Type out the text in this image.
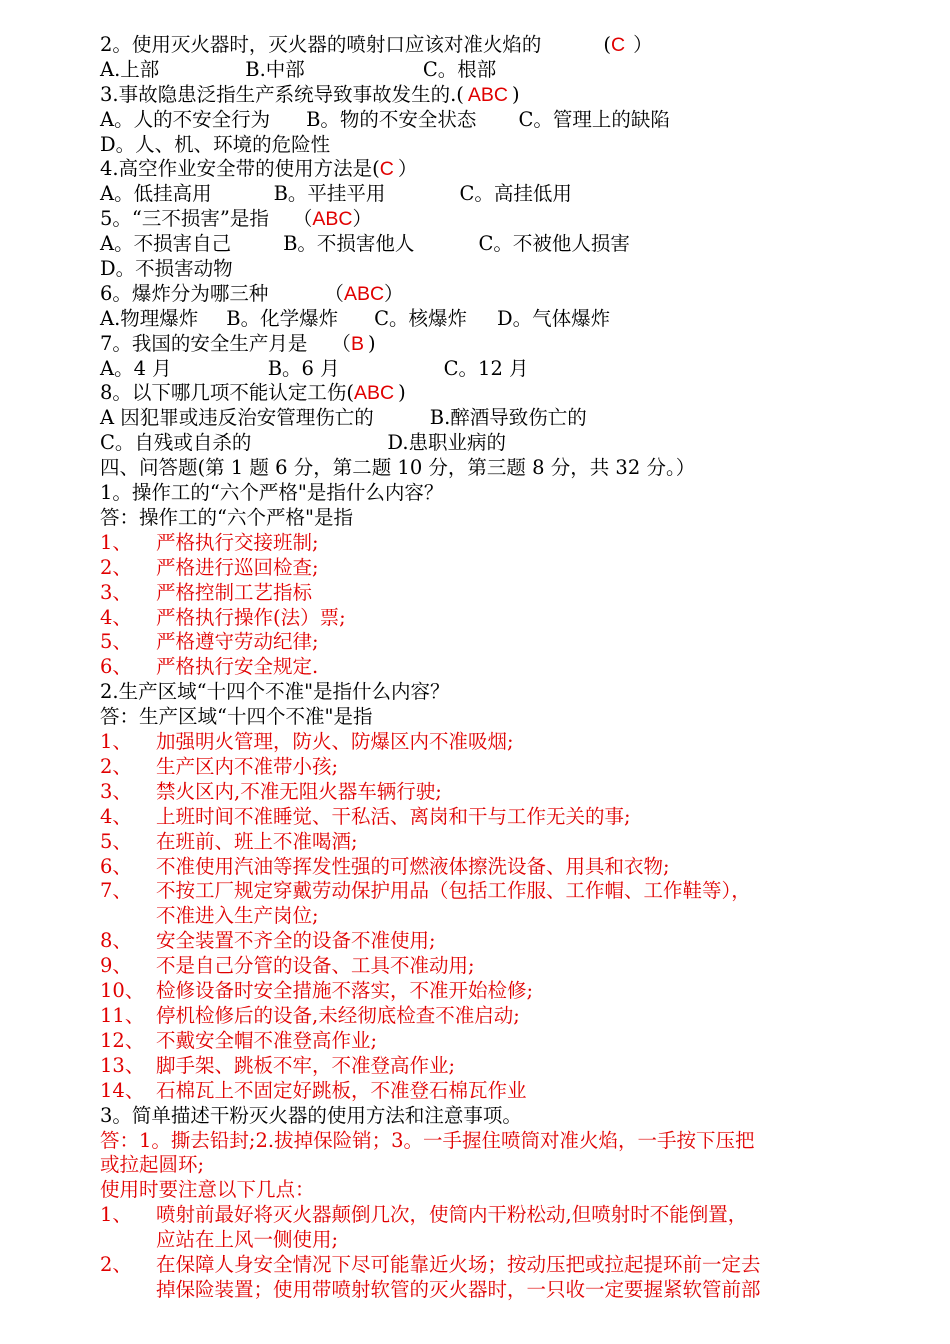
2。使用灭火器时，灭火器的喷射口应该对准火焰的	(C ）
A.上部	B.中部	C。根部
3.事故隐患泛指生产系统导致事故发生的.( ABC )
A。人的不安全行为 B。物的不安全状态 C。管理上的缺陷
D。人、机、环境的危险性
4.高空作业安全带的使用方法是(C ）
A。低挂高用	B。平挂平用	C。高挂低用
5。“三不损害”是指 （ABC）
A。不损害自己	B。不损害他人	C。不被他人损害
D。不损害动物
6。爆炸分为哪三种	（ABC）
A.物理爆炸 B。化学爆炸 C。核爆炸 D。气体爆炸
7。我国的安全生产月是 （B )
A。4 月	B。6 月	C。12 月
8。以下哪几项不能认定工伤(ABC )
A 因犯罪或违反治安管理伤亡的	B.醉酒导致伤亡的
C。自残或自杀的	D.患职业病的
四、问答题(第 1 题 6 分，第二题 10 分，第三题 8 分，共 32 分。）
1。操作工的“六个严格"是指什么内容？
答：操作工的“六个严格"是指
1、	严格执行交接班制;
2、	严格进行巡回检查;
3、	严格控制工艺指标
4、	严格执行操作(法）票;
5、	严格遵守劳动纪律;
6、	严格执行安全规定.
2.生产区域“十四个不准"是指什么内容？
答：生产区域“十四个不准"是指
1、	加强明火管理，防火、防爆区内不准吸烟;
2、	生产区内不准带小孩;
3、	禁火区内,不准无阻火器车辆行驶;
4、	上班时间不准睡觉、干私活、离岗和干与工作无关的事;
5、	在班前、班上不准喝酒;
6、	不准使用汽油等挥发性强的可燃液体擦洗设备、用具和衣物;
7、	不按工厂规定穿戴劳动保护用品（包括工作服、工作帽、工作鞋等），
不准进入生产岗位;
8、	安全装置不齐全的设备不准使用;
9、	不是自己分管的设备、工具不准动用;
10、 检修设备时安全措施不落实，不准开始检修;
11、 停机检修后的设备,未经彻底检查不准启动;
12、 不戴安全帽不准登高作业;
13、 脚手架、跳板不牢，不准登高作业;
14、 石棉瓦上不固定好跳板，不准登石棉瓦作业
3。简单描述干粉灭火器的使用方法和注意事项。
答：1。撕去铅封;2.拔掉保险销；3。一手握住喷筒对准火焰，一手按下压把
或拉起圆环;
使用时要注意以下几点：
1、	喷射前最好将灭火器颠倒几次，使筒内干粉松动,但喷射时不能倒置，
应站在上风一侧使用;
2、	在保障人身安全情况下尽可能靠近火场；按动压把或拉起提环前一定去
掉保险装置；使用带喷射软管的灭火器时，一只收一定要握紧软管前部
